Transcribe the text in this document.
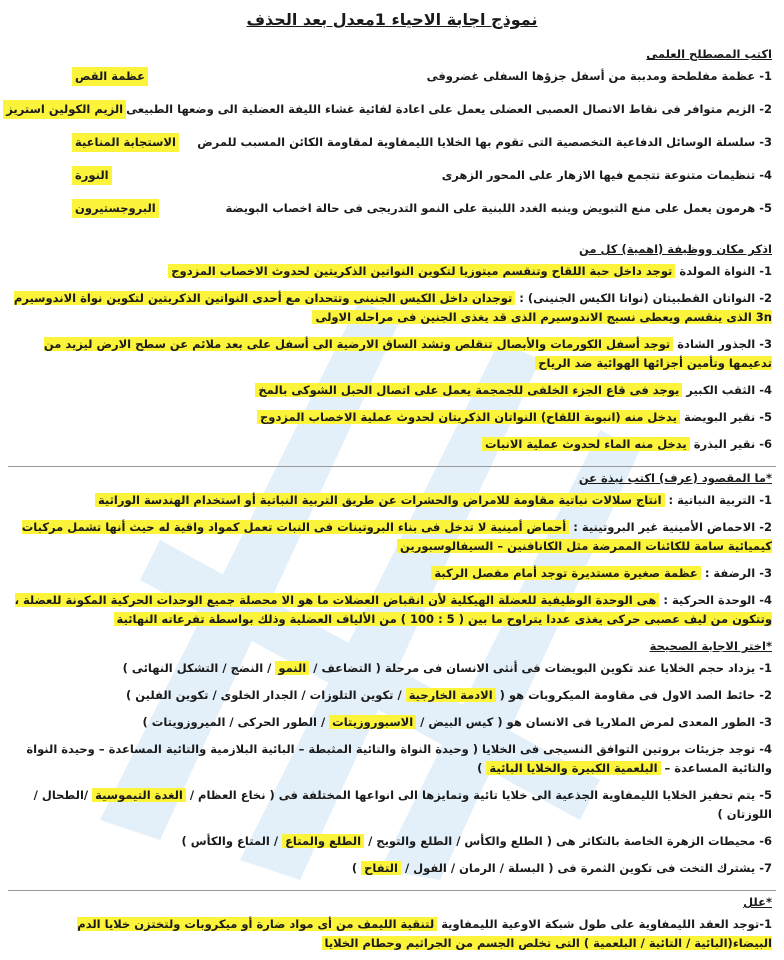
نموذج اجابة الاحياء 1معدل بعد الحذف
اكتب المصطلح العلمى
1- عظمة مفلطحة ومدببة من أسفل جزؤها السفلى غضروفى
عظمة القص
2- الزيم متوافر فى نقاط الاتصال العصبى العضلى يعمل على اعادة لفائية غشاء الليفة العضلية الى وضعها الطبيعى
الزيم الكولين استريز
3- سلسلة الوسائل الدفاعية التخصصية التى تقوم بها الخلايا الليمفاوية لمقاومة الكائن المسبب للمرض
الاستجابة المناعية
4- تنظيمات متنوعة تتجمع فيها الازهار على المحور الزهرى
النورة
5- هرمون يعمل على منع التبويض وينبه الغدد اللبنية على النمو التدريجى فى حالة اخصاب البويضة
البروجستيرون
اذكر مكان ووظيفة (اهمية) كل من
1- النواة المولدة توجد داخل حبة اللقاح وتنقسم ميتوزيا لتكوين النواتين الذكريتين لحدوث الاخصاب المزدوج
2- النواتان القطبيتان (نواتا الكيس الجنينى) : توجدان داخل الكيس الجنينى وتتحدان مع أحدى النواتين الذكريتين لتكوين نواة الاندوسيرم 3n الذى ينقسم ويعطى نسيج الاندوسيرم الذى قد يغذى الجنين فى مراحله الاولى
3- الجذور الشادة توجد أسفل الكورمات والأبصال تنقلص وتشد الساق الارضية الى أسفل على بعد ملائم عن سطح الارض ليزيد من تدعيمها وتأمين أجزائها الهوائية ضد الرياح
4- الثقب الكبير يوجد فى قاع الجزء الخلفى للجمجمة يعمل على اتصال الحبل الشوكى بالمخ
5- نقير البويضة يدخل منه (انبوبة اللقاح) النواتان الذكريتان لحدوث عملية الاخصاب المزدوج
6- نقير البذرة يدخل منه الماء لحدوث عملية الانبات
*ما المقصود (عرف) اكتب نبذة عن
1- التربية النباتية : انتاج سلالات نباتية مقاومة للامراض والحشرات عن طريق التربية النباتية أو استخدام الهندسة الوراثية
2- الاحماض الأمينية غير البروتينية : أحماض أمينية لا تدخل فى بناء البروتينات فى النبات تعمل كمواد واقية له حيث أنها تشمل مركبات كيميائية سامة للكائنات الممرضة مثل الكانافنين – السيفالوسبورين
3- الرضفة : عظمة صغيرة مستديرة توجد أمام مفصل الركبة
4- الوحدة الحركية : هى الوحدة الوظيفية للعضلة الهيكلية لأن انقباض العضلات ما هو الا محصلة جميع الوحدات الحركية المكونة للعضلة ، وتتكون من ليف عصبى حركى يغذى عددا يتراوح ما بين ( 5 : 100 ) من الألياف العضلية وذلك بواسطة تفرعاته النهائية
*اختر الاجابة الصحيحة
1- يزداد حجم الخلايا عند تكوين البويضات فى أنثى الانسان فى مرحلة ( التضاعف / النمو / النضج / التشكل النهائى )
2- حائط الصد الاول فى مقاومة الميكروبات هو ( الادمة الخارجية / تكوين التلوزات / الجدار الخلوى / تكوين الفلين )
3- الطور المعدى لمرض الملاريا فى الانسان هو ( كيس البيض / الاسبوروزيتات / الطور الحركى / الميروزويتات )
4- توجد جزيئات بروتين التوافق النسيجى فى الخلايا ( وحيدة النواة والتائية المثبطة – البائية البلازمية والتائية المساعدة – وحيدة النواة والتائية المساعدة – البلعمية الكبيرة والخلايا البائية )
5- يتم تحفيز الخلايا الليمفاوية الجذعية الى خلايا تائية وتمايزها الى انواعها المختلفة فى ( نخاع العظام / الغدة التيموسية /الطحال / اللوزتان )
6- محيطات الزهرة الخاصة بالتكاثر هى ( الطلع والكأس / الطلع والتويج / الطلع والمتاع / المتاع والكأس )
7- يشترك التخت فى تكوين الثمرة فى ( البسلة / الرمان / الفول / التفاح )
*علل
1-توجد العقد الليمفاوية على طول شبكة الاوعية الليمفاوية لتنقية الليمف من أى مواد ضارة أو ميكروبات ولتختزن خلايا الدم البيضاء(البائية / التائية / البلعمية ) التى تخلص الجسم من الجراثيم وحطام الخلايا
